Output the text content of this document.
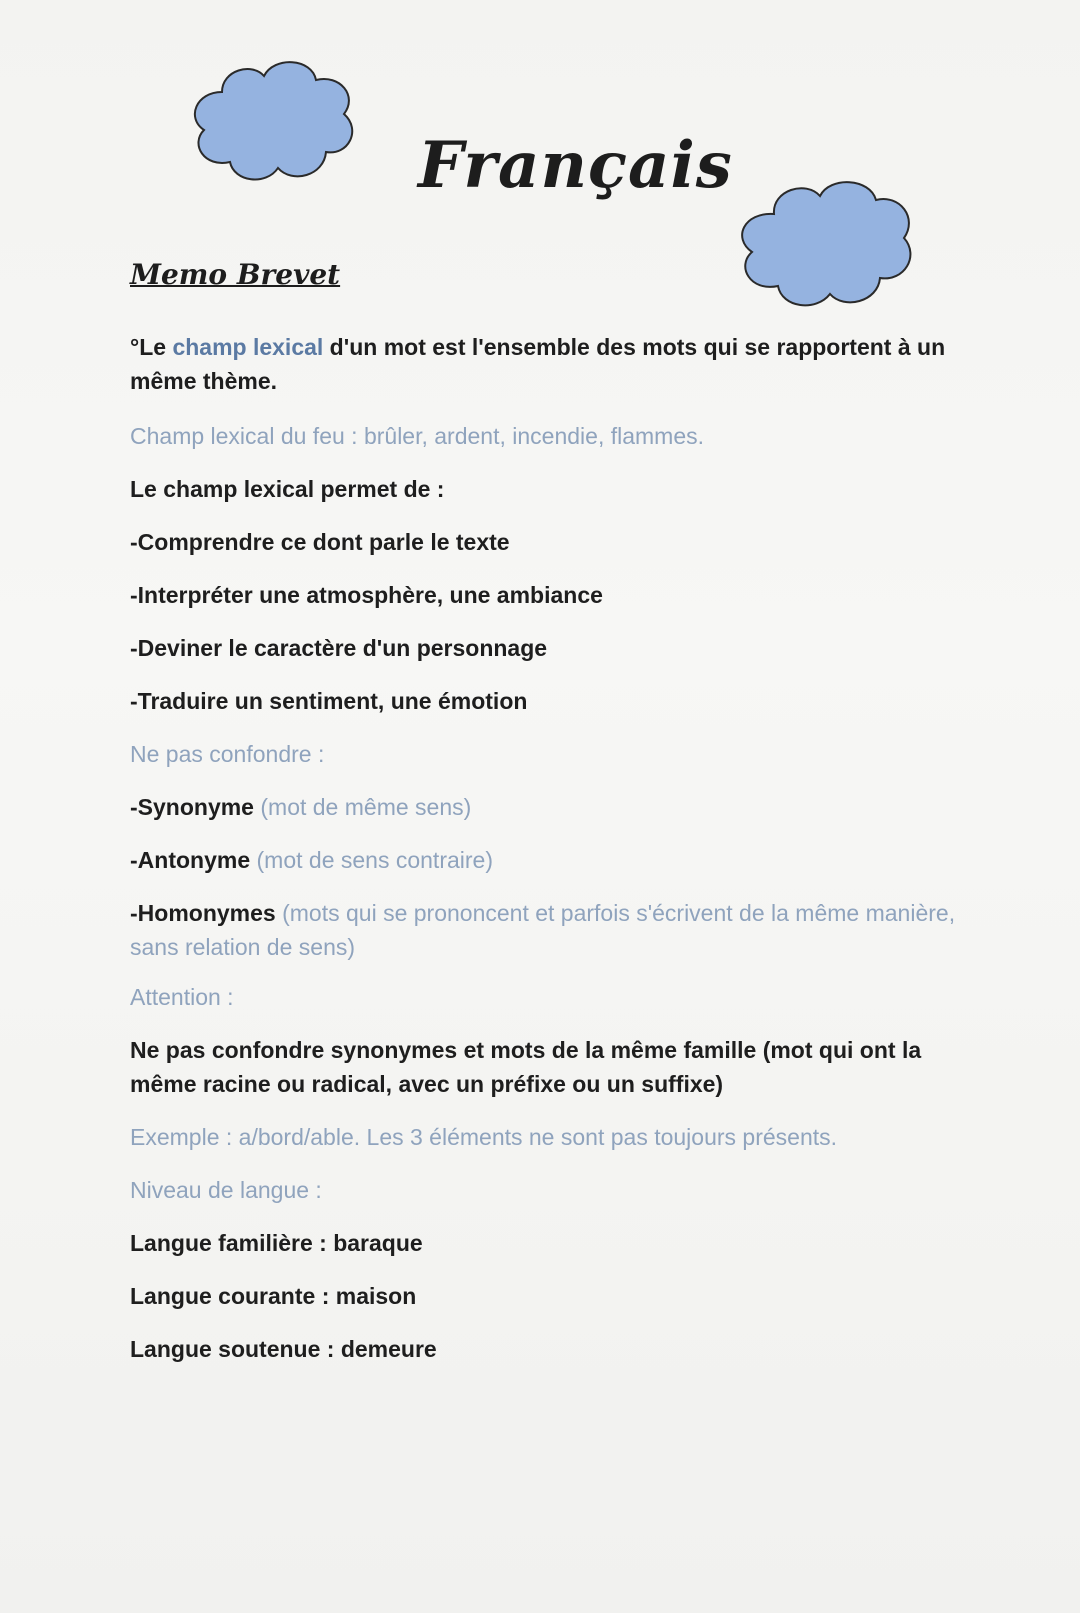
Français
Memo Brevet

°Le champ lexical d'un mot est l'ensemble des mots qui se rapportent à un même thème.

Champ lexical du feu : brûler, ardent, incendie, flammes.

Le champ lexical permet de :

-Comprendre ce dont parle le texte

-Interpréter une atmosphère, une ambiance

-Deviner le caractère d'un personnage

-Traduire un sentiment, une émotion

Ne pas confondre :

-Synonyme (mot de même sens)

-Antonyme (mot de sens contraire)

-Homonymes (mots qui se prononcent et parfois s'écrivent de la même manière, sans relation de sens)

Attention :

Ne pas confondre synonymes et mots de la même famille (mot qui ont la même racine ou radical, avec un préfixe ou un suffixe)

Exemple : a/bord/able. Les 3 éléments ne sont pas toujours présents.

Niveau de langue :

Langue familière : baraque

Langue courante : maison

Langue soutenue : demeure
